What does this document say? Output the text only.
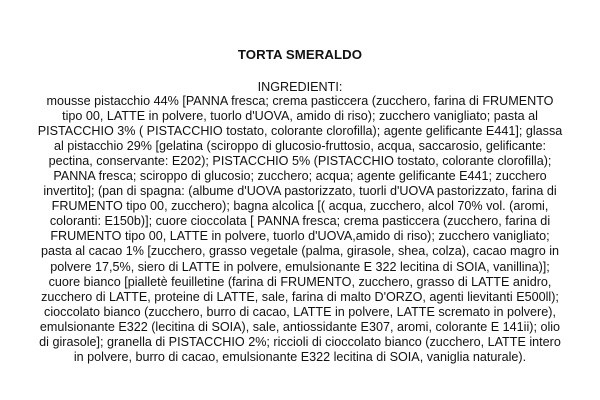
TORTA SMERALDO
INGREDIENTI:
mousse pistacchio 44% [PANNA fresca; crema pasticcera (zucchero, farina di FRUMENTO
tipo 00, LATTE in polvere, tuorlo d'UOVA, amido di riso); zucchero vanigliato; pasta al
PISTACCHIO 3% ( PISTACCHIO tostato, colorante clorofilla); agente gelificante E441]; glassa
al pistacchio 29% [gelatina (sciroppo di glucosio-fruttosio, acqua, saccarosio, gelificante:
pectina, conservante: E202); PISTACCHIO 5% (PISTACCHIO tostato, colorante clorofilla);
PANNA fresca; sciroppo di glucosio; zucchero; acqua; agente gelificante E441; zucchero
invertito]; (pan di spagna: (albume d'UOVA pastorizzato, tuorli d'UOVA pastorizzato, farina di
FRUMENTO tipo 00, zucchero); bagna alcolica [( acqua, zucchero, alcol 70% vol. (aromi,
coloranti: E150b)]; cuore cioccolata [ PANNA fresca; crema pasticcera (zucchero, farina di
FRUMENTO tipo 00, LATTE in polvere, tuorlo d'UOVA,amido di riso); zucchero vanigliato;
pasta al cacao 1% [zucchero, grasso vegetale (palma, girasole, shea, colza), cacao magro in
polvere 17,5%, siero di LATTE in polvere, emulsionante E 322 lecitina di SOIA, vanillina)];
cuore bianco [pialletè feuilletine (farina di FRUMENTO, zucchero, grasso di LATTE anidro,
zucchero di LATTE, proteine di LATTE, sale, farina di malto D'ORZO, agenti lievitanti E500ll);
cioccolato bianco (zucchero, burro di cacao, LATTE in polvere, LATTE scremato in polvere),
emulsionante E322 (lecitina di SOIA), sale, antiossidante E307, aromi, colorante E 141ii); olio
di girasole]; granella di PISTACCHIO 2%; riccioli di cioccolato bianco (zucchero, LATTE intero
in polvere, burro di cacao, emulsionante E322 lecitina di SOIA, vaniglia naturale).
